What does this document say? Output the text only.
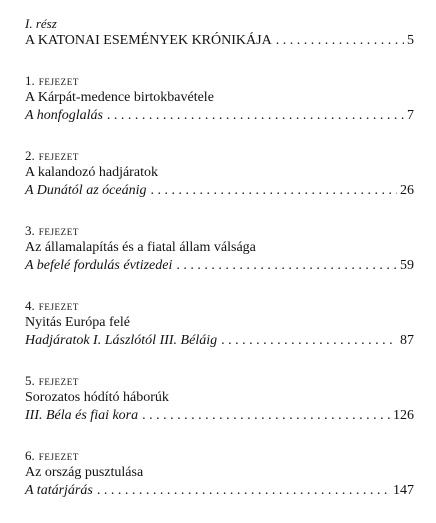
I. rész
A KATONAI ESEMÉNYEK KRÓNIKÁJA . . .	5
1. FEJEZET
A Kárpát-medence birtokbavétele
A honfoglalás . . .	7
2. FEJEZET
A kalandozó hadjáratok
A Dunától az óceánig . . .	26
3. FEJEZET
Az államalapítás és a fiatal állam válsága
A befelé fordulás évtizedei . . .	59
4. FEJEZET
Nyitás Európa felé
Hadjáratok I. Lászlótól III. Béláig . . .	87
5. FEJEZET
Sorozatos hódító háborúk
III. Béla és fiai kora . . .	126
6. FEJEZET
Az ország pusztulása
A tatárjárás . . .	147
